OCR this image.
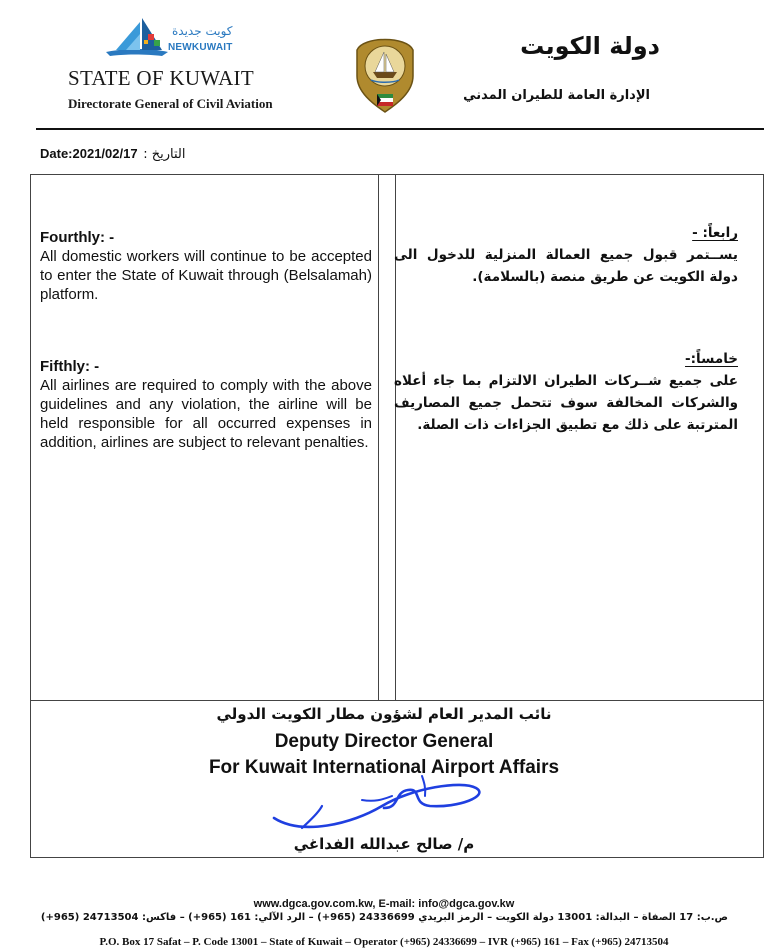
كويت جديدة
NEWKUWAIT
STATE OF KUWAIT
Directorate General of Civil Aviation
دولة الكويت
الإدارة العامة للطيران المدني
Date:2021/02/17 : التاريخ
Fourthly: -
All domestic workers will continue to be accepted to enter the State of Kuwait through (Belsalamah) platform.
Fifthly: -
All airlines are required to comply with the above guidelines and any violation, the airline will be held responsible for all occurred expenses in addition, airlines are subject to relevant penalties.
رابعاً: -
يســتمر قبول جميع العمالة المنزلية للدخول الى دولة الكويت عن طريق منصة (بالسلامة).
خامساً:-
على جميع شــركات الطيران الالتزام بما جاء أعلاه والشركات المخالفة سوف تتحمل جميع المصاريف المترتبة على ذلك مع تطبيق الجزاءات ذات الصلة.
نائب المدير العام لشؤون مطار الكويت الدولي
Deputy Director General
For Kuwait International Airport Affairs
م/ صالح عبدالله الفداغي
www.dgca.gov.com.kw, E-mail: info@dgca.gov.kw
ص.ب: 17 الصفاة – البدالة: 13001 دولة الكويت – الرمز البريدي 24336699 (965+) – الرد الآلي: 161 (965+) – فاكس: 24713504 (965+)
P.O. Box 17 Safat – P. Code 13001 – State of Kuwait – Operator (+965) 24336699 – IVR (+965) 161 – Fax (+965) 24713504
